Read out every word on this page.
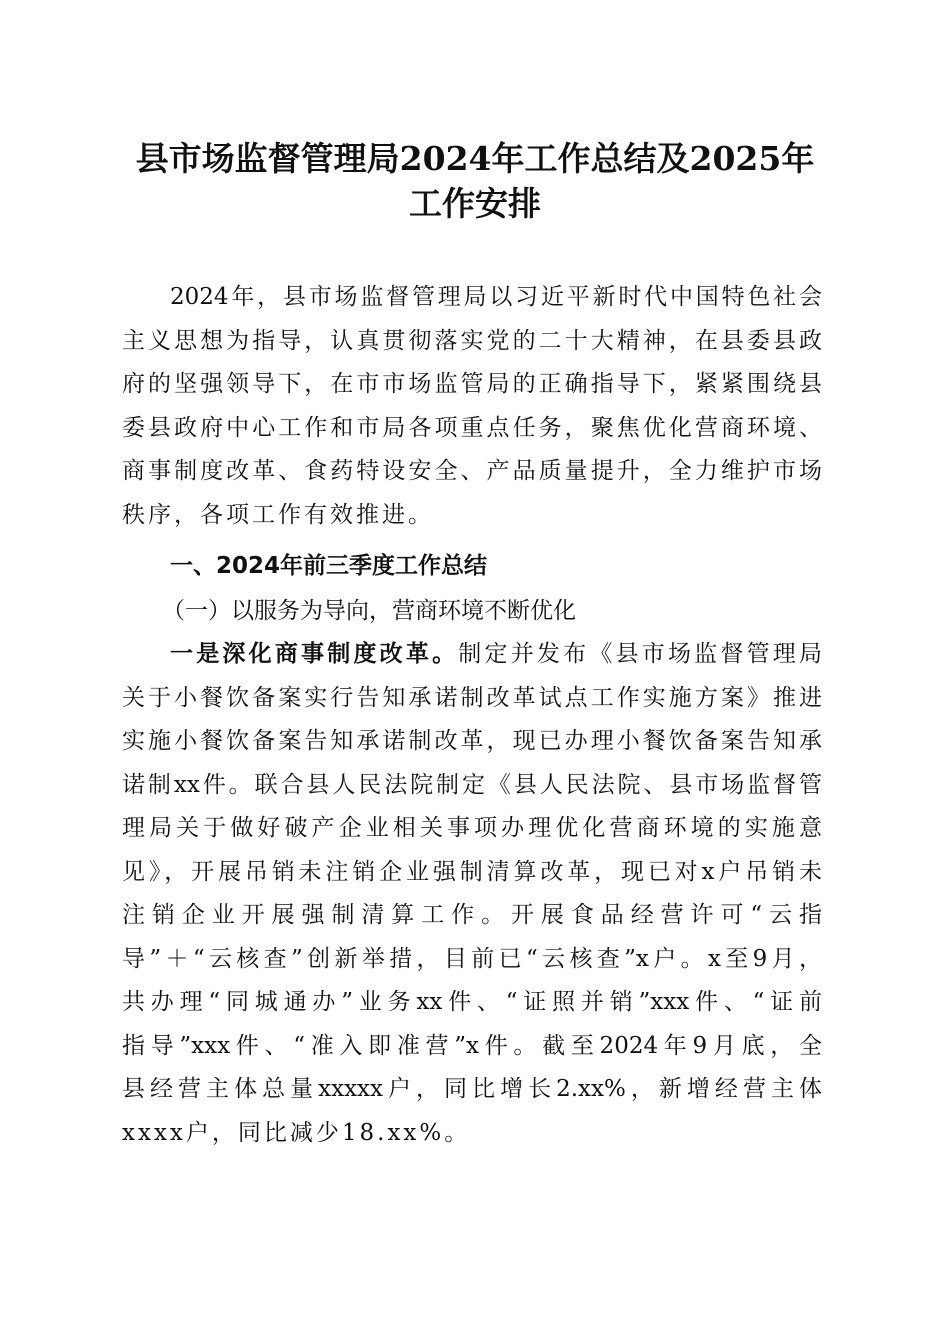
县市场监督管理局2024年工作总结及2025年
工作安排
2024年，县市场监督管理局以习近平新时代中国特色社会
主义思想为指导，认真贯彻落实党的二十大精神，在县委县政
府的坚强领导下，在市市场监管局的正确指导下，紧紧围绕县
委县政府中心工作和市局各项重点任务，聚焦优化营商环境、
商事制度改革、食药特设安全、产品质量提升，全力维护市场
秩序，各项工作有效推进。
一、2024年前三季度工作总结
（一）以服务为导向，营商环境不断优化
一是深化商事制度改革。制定并发布《县市场监督管理局
关于小餐饮备案实行告知承诺制改革试点工作实施方案》推进
实施小餐饮备案告知承诺制改革，现已办理小餐饮备案告知承
诺制xx件。联合县人民法院制定《县人民法院、县市场监督管
理局关于做好破产企业相关事项办理优化营商环境的实施意
见》，开展吊销未注销企业强制清算改革，现已对x户吊销未
注销企业开展强制清算工作。开展食品经营许可“云指
导”＋“云核查”创新举措，目前已“云核查”x户。x至9月，
共办理“同城通办”业务xx件、“证照并销”xxx件、“证前
指导”xxx件、“准入即准营”x件。截至2024年9月底，全
县经营主体总量xxxxx户，同比增长2.xx%，新增经营主体
xxxx户，同比减少18.xx%。
